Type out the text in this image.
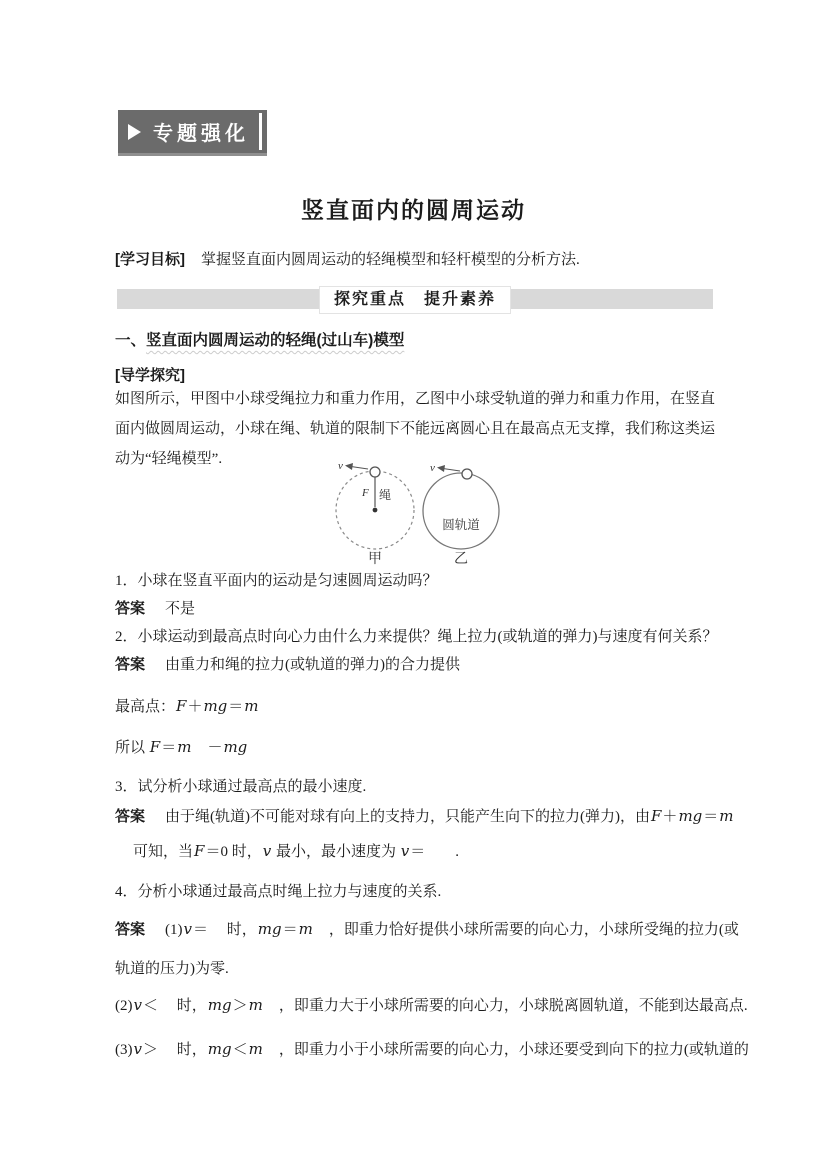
专题强化
竖直面内的圆周运动
[学习目标] 掌握竖直面内圆周运动的轻绳模型和轻杆模型的分析方法.
探究重点　提升素养
一、竖直面内圆周运动的轻绳(过山车)模型
[导学探究]
如图所示，甲图中小球受绳拉力和重力作用，乙图中小球受轨道的弹力和重力作用，在竖直
面内做圆周运动，小球在绳、轨道的限制下不能远离圆心且在最高点无支撑，我们称这类运
动为“轻绳模型”.	v
F 绳
甲
v
圆轨道
乙
1．小球在竖直平面内的运动是匀速圆周运动吗？
答案 不是
2．小球运动到最高点时向心力由什么力来提供？绳上拉力(或轨道的弹力)与速度有何关系？
答案 由重力和绳的拉力(或轨道的弹力)的合力提供
最高点：F＋mg＝m
所以 F＝m　－mg
3．试分析小球通过最高点的最小速度.
答案 由于绳(轨道)不可能对球有向上的支持力，只能产生向下的拉力(弹力)，由F＋mg＝m
可知，当F＝0 时，v 最小，最小速度为 v＝　　.
4．分析小球通过最高点时绳上拉力与速度的关系.
答案 (1)v＝　 时，mg＝m　，即重力恰好提供小球所需要的向心力，小球所受绳的拉力(或
轨道的压力)为零.
(2)v＜　 时，mg＞m　，即重力大于小球所需要的向心力，小球脱离圆轨道，不能到达最高点.
(3)v＞　 时，mg＜m　，即重力小于小球所需要的向心力，小球还要受到向下的拉力(或轨道的
